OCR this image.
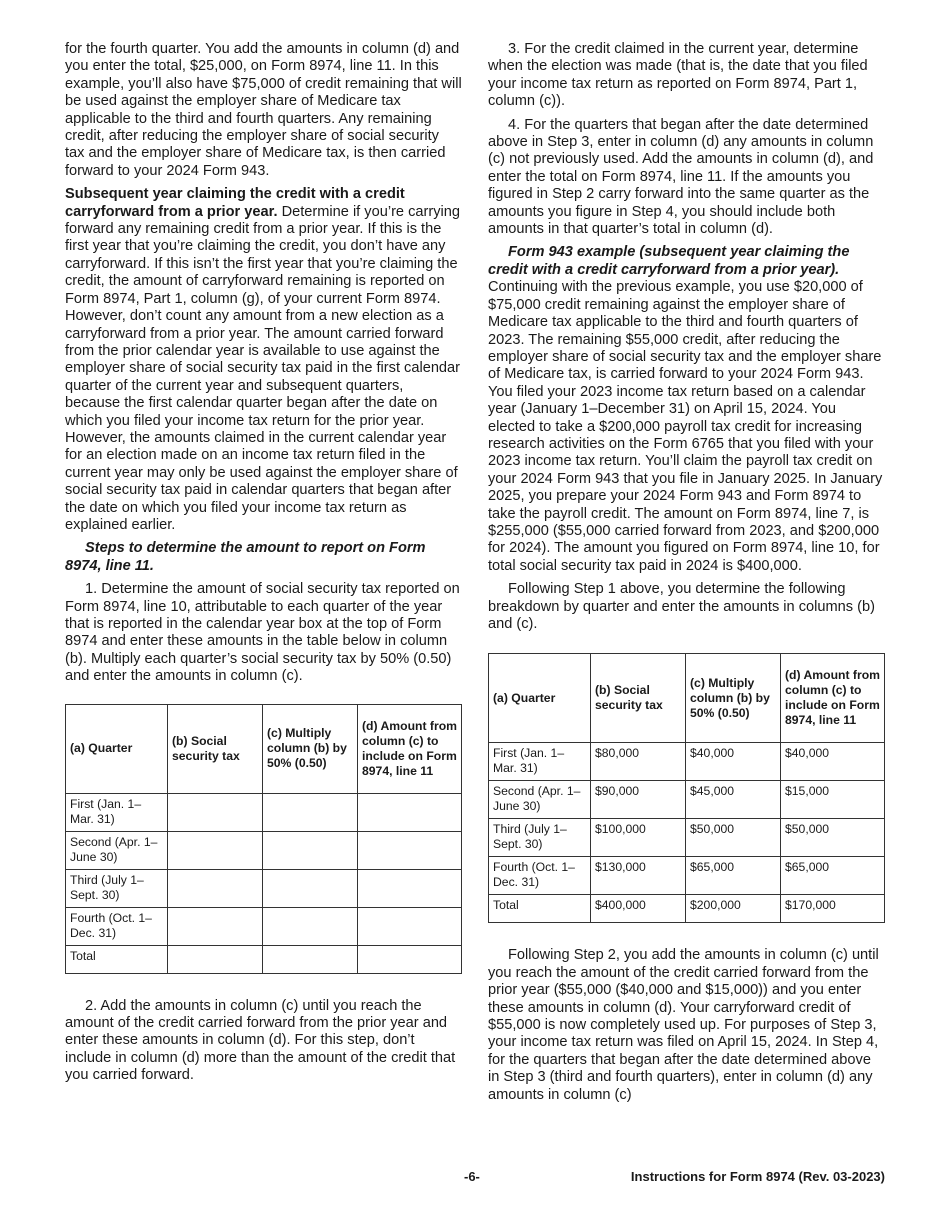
for the fourth quarter. You add the amounts in column (d) and you enter the total, $25,000, on Form 8974, line 11. In this example, you’ll also have $75,000 of credit remaining that will be used against the employer share of Medicare tax applicable to the third and fourth quarters. Any remaining credit, after reducing the employer share of social security tax and the employer share of Medicare tax, is then carried forward to your 2024 Form 943.

Subsequent year claiming the credit with a credit carryforward from a prior year. Determine if you’re carrying forward any remaining credit from a prior year. If this is the first year that you’re claiming the credit, you don’t have any carryforward. If this isn’t the first year that you’re claiming the credit, the amount of carryforward remaining is reported on Form 8974, Part 1, column (g), of your current Form 8974. However, don’t count any amount from a new election as a carryforward from a prior year. The amount carried forward from the prior calendar year is available to use against the employer share of social security tax paid in the first calendar quarter of the current year and subsequent quarters, because the first calendar quarter began after the date on which you filed your income tax return for the prior year. However, the amounts claimed in the current calendar year for an election made on an income tax return filed in the current year may only be used against the employer share of social security tax paid in calendar quarters that began after the date on which you filed your income tax return as explained earlier.

Steps to determine the amount to report on Form 8974, line 11.

1. Determine the amount of social security tax reported on Form 8974, line 10, attributable to each quarter of the year that is reported in the calendar year box at the top of Form 8974 and enter these amounts in the table below in column (b). Multiply each quarter’s social security tax by 50% (0.50) and enter the amounts in column (c).

(a) Quarter	(b) Social security tax	(c) Multiply column (b) by 50% (0.50)	(d) Amount from column (c) to include on Form 8974, line 11
First (Jan. 1– Mar. 31)			
Second (Apr. 1– June 30)			
Third (July 1– Sept. 30)			
Fourth (Oct. 1– Dec. 31)			
Total			

2. Add the amounts in column (c) until you reach the amount of the credit carried forward from the prior year and enter these amounts in column (d). For this step, don’t include in column (d) more than the amount of the credit that you carried forward.

3. For the credit claimed in the current year, determine when the election was made (that is, the date that you filed your income tax return as reported on Form 8974, Part 1, column (c)).

4. For the quarters that began after the date determined above in Step 3, enter in column (d) any amounts in column (c) not previously used. Add the amounts in column (d), and enter the total on Form 8974, line 11. If the amounts you figured in Step 2 carry forward into the same quarter as the amounts you figure in Step 4, you should include both amounts in that quarter’s total in column (d).

Form 943 example (subsequent year claiming the credit with a credit carryforward from a prior year).

Continuing with the previous example, you use $20,000 of $75,000 credit remaining against the employer share of Medicare tax applicable to the third and fourth quarters of 2023. The remaining $55,000 credit, after reducing the employer share of social security tax and the employer share of Medicare tax, is carried forward to your 2024 Form 943. You filed your 2023 income tax return based on a calendar year (January 1–December 31) on April 15, 2024. You elected to take a $200,000 payroll tax credit for increasing research activities on the Form 6765 that you filed with your 2023 income tax return. You’ll claim the payroll tax credit on your 2024 Form 943 that you file in January 2025. In January 2025, you prepare your 2024 Form 943 and Form 8974 to take the payroll credit. The amount on Form 8974, line 7, is $255,000 ($55,000 carried forward from 2023, and $200,000 for 2024). The amount you figured on Form 8974, line 10, for total social security tax paid in 2024 is $400,000.

Following Step 1 above, you determine the following breakdown by quarter and enter the amounts in columns (b) and (c).

(a) Quarter	(b) Social security tax	(c) Multiply column (b) by 50% (0.50)	(d) Amount from column (c) to include on Form 8974, line 11
First (Jan. 1– Mar. 31)	$80,000	$40,000	$40,000
Second (Apr. 1– June 30)	$90,000	$45,000	$15,000
Third (July 1– Sept. 30)	$100,000	$50,000	$50,000
Fourth (Oct. 1– Dec. 31)	$130,000	$65,000	$65,000
Total	$400,000	$200,000	$170,000

Following Step 2, you add the amounts in column (c) until you reach the amount of the credit carried forward from the prior year ($55,000 ($40,000 and $15,000)) and you enter these amounts in column (d). Your carryforward credit of $55,000 is now completely used up. For purposes of Step 3, your income tax return was filed on April 15, 2024. In Step 4, for the quarters that began after the date determined above in Step 3 (third and fourth quarters), enter in column (d) any amounts in column (c)

-6-	Instructions for Form 8974 (Rev. 03-2023)
